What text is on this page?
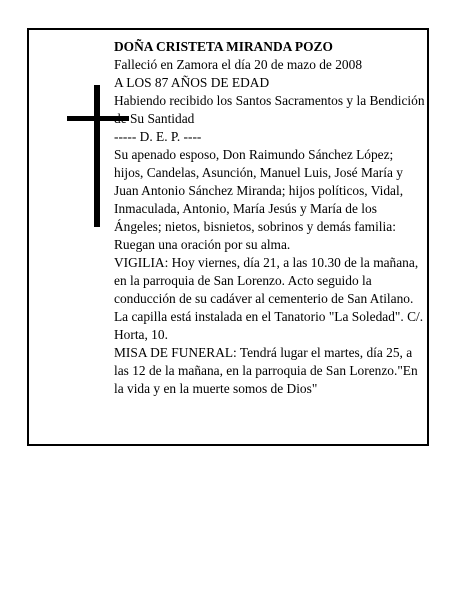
DOÑA CRISTETA MIRANDA POZO

Falleció en Zamora el día 20 de mazo de 2008

A LOS 87 AÑOS DE EDAD

Habiendo recibido los Santos Sacramentos y la Bendición de Su Santidad

----- D. E. P. ----

Su apenado esposo, Don Raimundo Sánchez López; hijos, Candelas, Asunción, Manuel Luis, José María y Juan Antonio Sánchez Miranda; hijos políticos, Vidal, Inmaculada, Antonio, María Jesús y María de los Ángeles; nietos, bisnietos, sobrinos y demás familia:

Ruegan una oración por su alma.

VIGILIA: Hoy viernes, día 21, a las 10.30 de la mañana, en la parroquia de San Lorenzo. Acto seguido la conducción de su cadáver al cementerio de San Atilano.

La capilla está instalada en el Tanatorio "La Soledad". C/. Horta, 10.

MISA DE FUNERAL: Tendrá lugar el martes, día 25, a las 12 de la mañana, en la parroquia de San Lorenzo."En la vida y en la muerte somos de Dios"
